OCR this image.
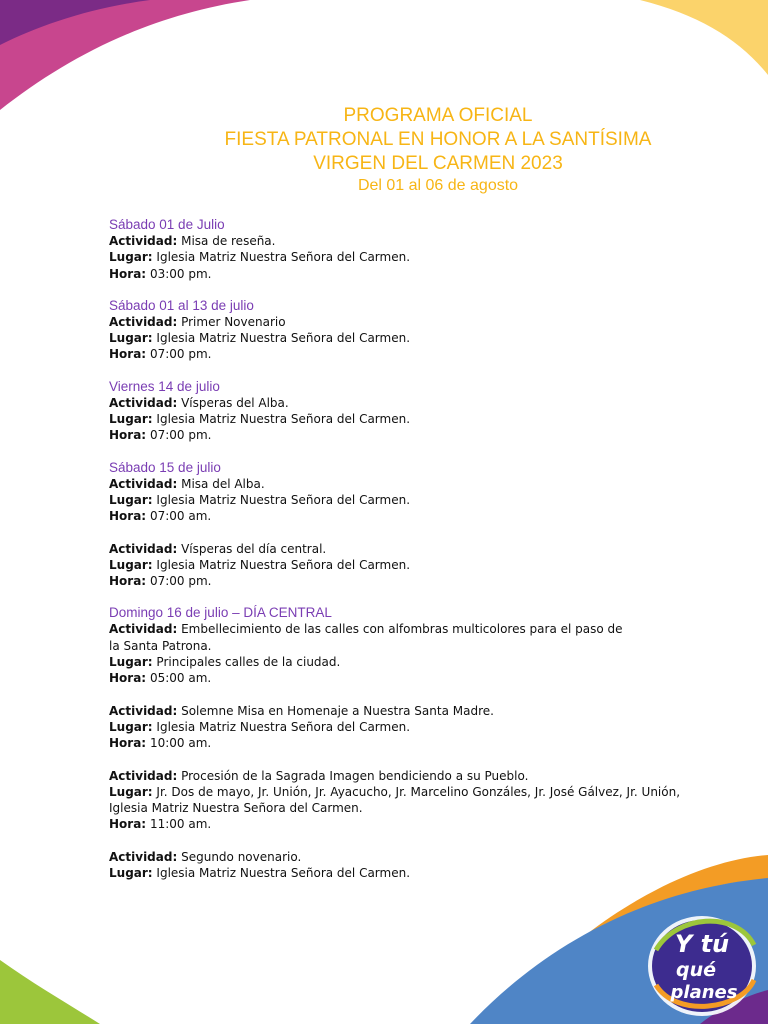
PROGRAMA OFICIAL
FIESTA PATRONAL EN HONOR A LA SANTÍSIMA
VIRGEN DEL CARMEN 2023
Del 01 al 06 de agosto
Sábado 01 de Julio
Actividad: Misa de reseña.
Lugar: Iglesia Matriz Nuestra Señora del Carmen.
Hora: 03:00 pm.
Sábado 01 al 13 de julio
Actividad: Primer Novenario
Lugar: Iglesia Matriz Nuestra Señora del Carmen.
Hora: 07:00 pm.
Viernes 14 de julio
Actividad: Vísperas del Alba.
Lugar: Iglesia Matriz Nuestra Señora del Carmen.
Hora: 07:00 pm.
Sábado 15 de julio
Actividad: Misa del Alba.
Lugar: Iglesia Matriz Nuestra Señora del Carmen.
Hora: 07:00 am.
Actividad: Vísperas del día central.
Lugar: Iglesia Matriz Nuestra Señora del Carmen.
Hora: 07:00 pm.
Domingo 16 de julio – DÍA CENTRAL
Actividad: Embellecimiento de las calles con alfombras multicolores para el paso de
la Santa Patrona.
Lugar: Principales calles de la ciudad.
Hora: 05:00 am.
Actividad: Solemne Misa en Homenaje a Nuestra Santa Madre.
Lugar: Iglesia Matriz Nuestra Señora del Carmen.
Hora: 10:00 am.
Actividad: Procesión de la Sagrada Imagen bendiciendo a su Pueblo.
Lugar: Jr. Dos de mayo, Jr. Unión, Jr. Ayacucho, Jr. Marcelino Gonzáles, Jr. José Gálvez, Jr. Unión,
Iglesia Matriz Nuestra Señora del Carmen.
Hora: 11:00 am.
Actividad: Segundo novenario.
Lugar: Iglesia Matriz Nuestra Señora del Carmen.
Y tú
qué
planes
